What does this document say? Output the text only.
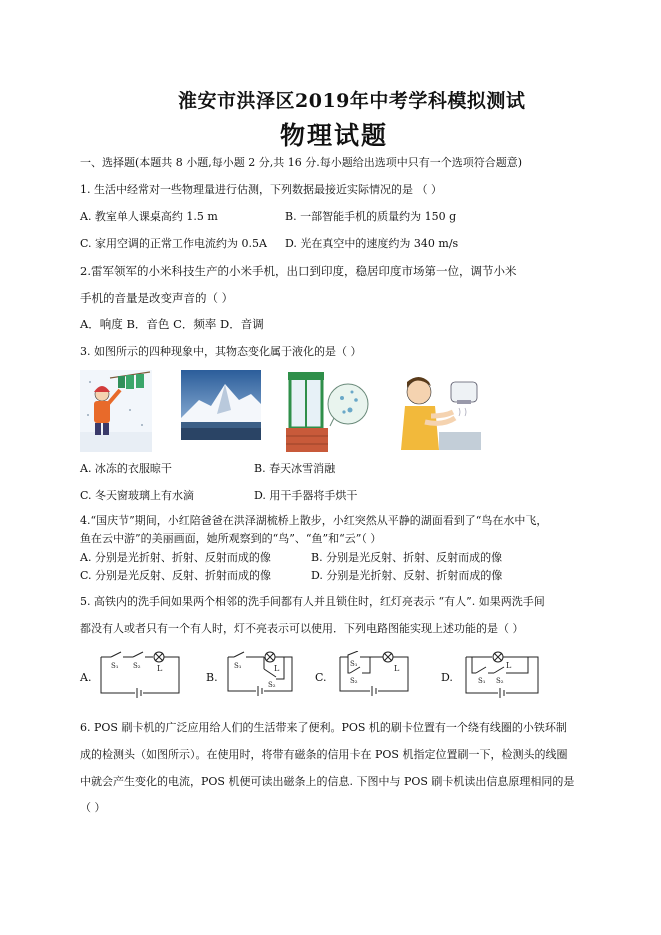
淮安市洪泽区2019年中考学科模拟测试
物理试题
一、选择题(本题共 8 小题,每小题 2 分,共 16 分.每小题给出选项中只有一个选项符合题意)
1. 生活中经常对一些物理量进行估测，下列数据最接近实际情况的是 （ ）
A. 教室单人课桌高约 1.5 m	B. 一部智能手机的质量约为 150 g
C. 家用空调的正常工作电流约为 0.5A D. 光在真空中的速度约为 340 m/s
2.雷军领军的小米科技生产的小米手机，出口到印度，稳居印度市场第一位，调节小米
手机的音量是改变声音的（ ）
A．响度 B．音色 C．频率 D．音调
3. 如图所示的四种现象中，其物态变化属于液化的是（ ）
A. 冰冻的衣服晾干	B. 春天冰雪消融
C. 冬天窗玻璃上有水滴	D. 用干手器将手烘干
4.“国庆节”期间，小红陪爸爸在洪泽湖梳桥上散步，小红突然从平静的湖面看到了“鸟在水中飞，
鱼在云中游”的美丽画面，她所观察到的“鸟”、“鱼”和“云”（ ）
A. 分别是光折射、折射、反射而成的像	B. 分别是光反射、折射、反射而成的像
C. 分别是光反射、反射、折射而成的像	D. 分别是光折射、反射、折射而成的像
5. 高铁内的洗手间如果两个相邻的洗手间都有人并且锁住时，红灯亮表示 “有人”. 如果两洗手间
都没有人或者只有一个有人时，灯不亮表示可以使用．下列电路图能实现上述功能的是（ ）
A.
S₁ S₂ L
B.
S₁
S₂
L
C.
S₁
S₂
L
D.	S₁ S₂
L
6. POS 刷卡机的广泛应用给人们的生活带来了便利。POS 机的刷卡位置有一个绕有线圈的小铁环制
成的检测头（如图所示）。在使用时，将带有磁条的信用卡在 POS 机指定位置刷一下，检测头的线圈
中就会产生变化的电流，POS 机便可读出磁条上的信息. 下图中与 POS 刷卡机读出信息原理相同的是
（ ）
